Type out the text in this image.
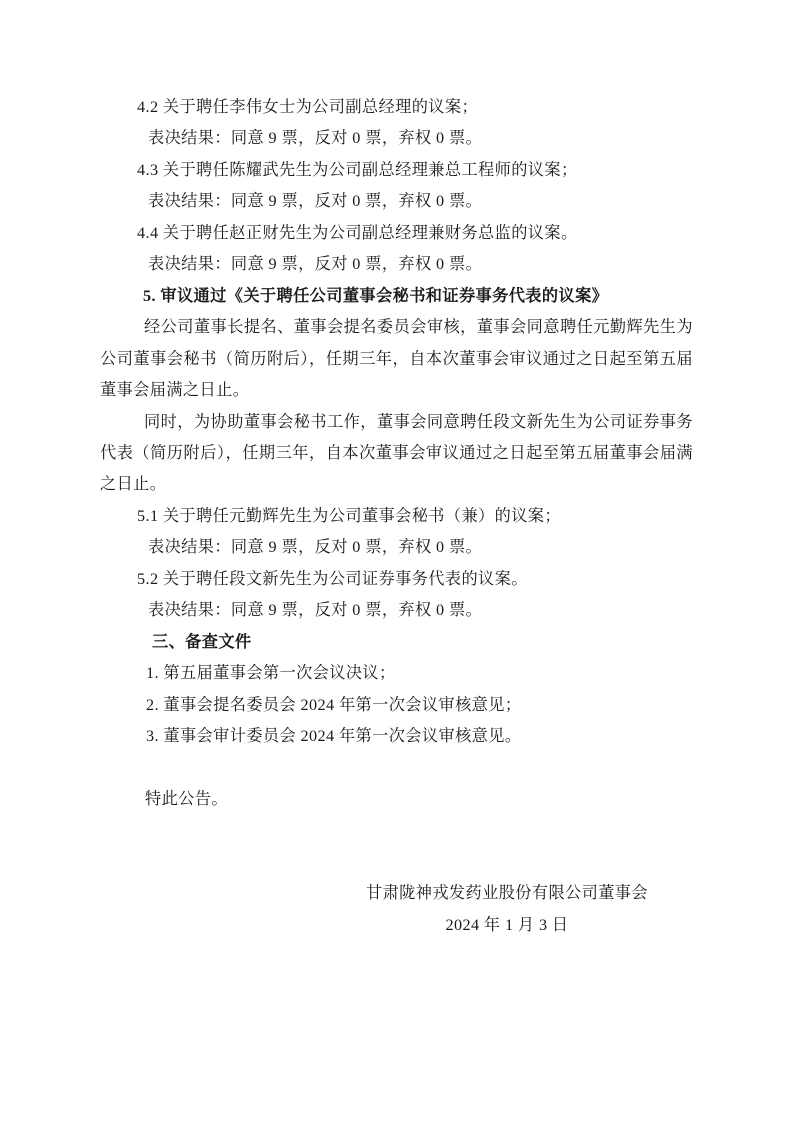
4.2 关于聘任李伟女士为公司副总经理的议案；

表决结果：同意 9 票，反对 0 票，弃权 0 票。

4.3 关于聘任陈耀武先生为公司副总经理兼总工程师的议案；

表决结果：同意 9 票，反对 0 票，弃权 0 票。

4.4 关于聘任赵正财先生为公司副总经理兼财务总监的议案。

表决结果：同意 9 票，反对 0 票，弃权 0 票。

5. 审议通过《关于聘任公司董事会秘书和证券事务代表的议案》

经公司董事长提名、董事会提名委员会审核，董事会同意聘任元勤辉先生为公司董事会秘书（简历附后），任期三年，自本次董事会审议通过之日起至第五届董事会届满之日止。

同时，为协助董事会秘书工作，董事会同意聘任段文新先生为公司证券事务代表（简历附后），任期三年，自本次董事会审议通过之日起至第五届董事会届满之日止。

5.1 关于聘任元勤辉先生为公司董事会秘书（兼）的议案；

表决结果：同意 9 票，反对 0 票，弃权 0 票。

5.2 关于聘任段文新先生为公司证券事务代表的议案。

表决结果：同意 9 票，反对 0 票，弃权 0 票。

三、备查文件

1. 第五届董事会第一次会议决议；

2. 董事会提名委员会 2024 年第一次会议审核意见；

3. 董事会审计委员会 2024 年第一次会议审核意见。

特此公告。

甘肃陇神戎发药业股份有限公司董事会

2024 年 1 月 3 日
